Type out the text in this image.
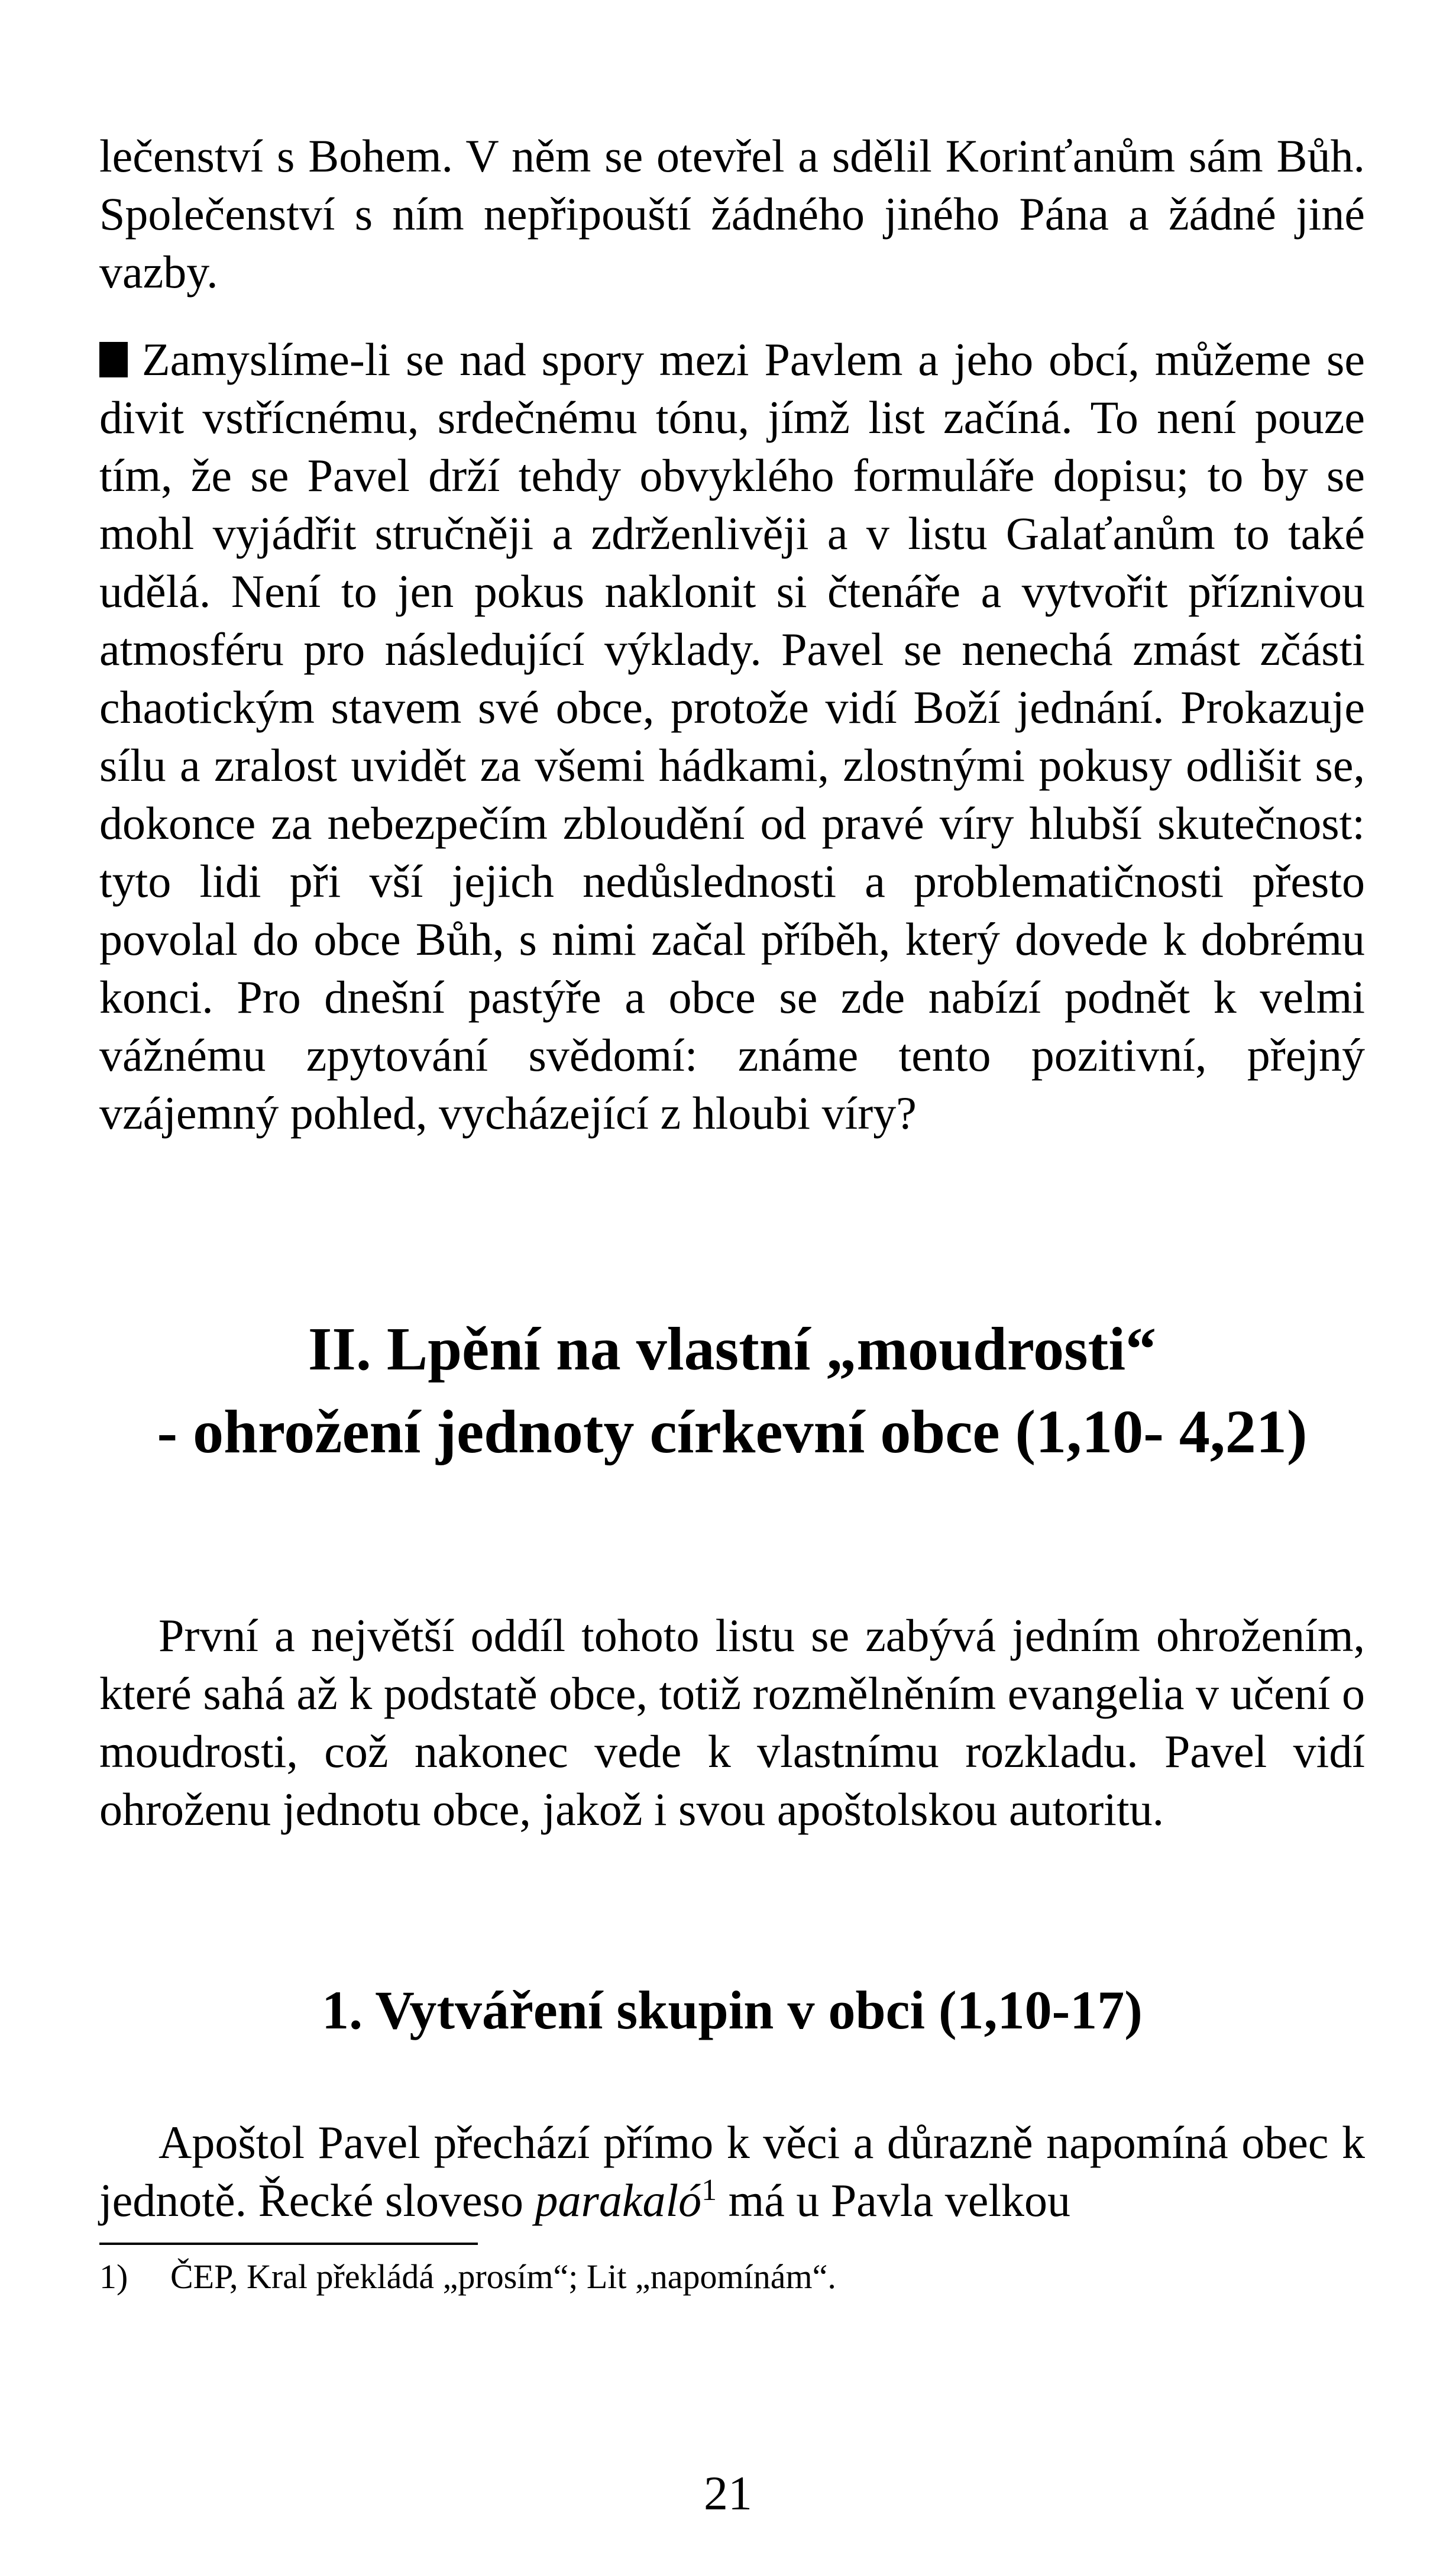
lečenství s Bohem. V něm se otevřel a sdělil Korinťanům sám Bůh. Společenství s ním nepřipouští žádného jiného Pána a žádné jiné vazby.

Zamyslíme-li se nad spory mezi Pavlem a jeho obcí, můžeme se divit vstřícnému, srdečnému tónu, jímž list začíná. To není pouze tím, že se Pavel drží tehdy obvyklého formuláře dopisu; to by se mohl vyjádřit stručněji a zdrženlivěji a v listu Galaťanům to také udělá. Není to jen pokus naklonit si čtenáře a vytvořit příznivou atmosféru pro následující výklady. Pavel se nenechá zmást zčásti chaotickým stavem své obce, protože vidí Boží jednání. Prokazuje sílu a zralost uvidět za všemi hádkami, zlostnými pokusy odlišit se, dokonce za nebezpečím zbloudění od pravé víry hlubší skutečnost: tyto lidi při vší jejich nedůslednosti a problematičnosti přesto povolal do obce Bůh, s nimi začal příběh, který dovede k dobrému konci. Pro dnešní pastýře a obce se zde nabízí podnět k velmi vážnému zpytování svědomí: známe tento pozitivní, přejný vzájemný pohled, vycházející z hloubi víry?

II. Lpění na vlastní „moudrosti“
- ohrožení jednoty církevní obce (1,10- 4,21)

První a největší oddíl tohoto listu se zabývá jedním ohrožením, které sahá až k podstatě obce, totiž rozmělněním evangelia v učení o moudrosti, což nakonec vede k vlastnímu rozkladu. Pavel vidí ohroženu jednotu obce, jakož i svou apoštolskou autoritu.

1. Vytváření skupin v obci (1,10-17)

Apoštol Pavel přechází přímo k věci a důrazně napomíná obec k jednotě. Řecké sloveso parakaló$^1$ má u Pavla velkou

1) ČEP, Kral překládá „prosím“; Lit „napomínám“.
21
